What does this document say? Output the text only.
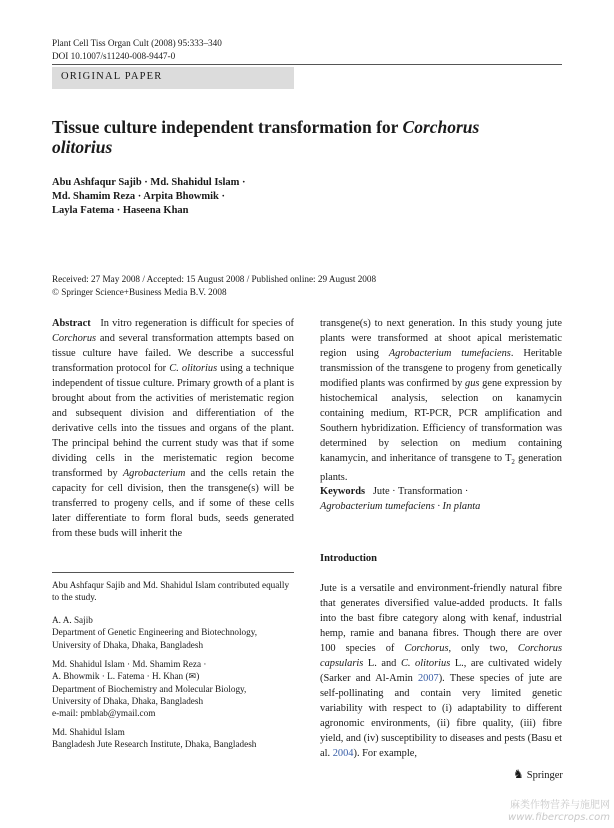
Plant Cell Tiss Organ Cult (2008) 95:333–340
DOI 10.1007/s11240-008-9447-0
ORIGINAL PAPER
Tissue culture independent transformation for Corchorus
olitorius
Abu Ashfaqur Sajib · Md. Shahidul Islam ·
Md. Shamim Reza · Arpita Bhowmik ·
Layla Fatema · Haseena Khan
Received: 27 May 2008 / Accepted: 15 August 2008 / Published online: 29 August 2008
© Springer Science+Business Media B.V. 2008

Abstract In vitro regeneration is difficult for species of Corchorus and several transformation attempts based on tissue culture have failed. We describe a successful transformation protocol for C. olitorius using a technique independent of tissue culture. Primary growth of a plant is brought about from the activities of meristematic region and subsequent division and differentiation of the derivative cells into the tissues and organs of the plant. The principal behind the current study was that if some dividing cells in the meristematic region become transformed by Agrobacterium and the cells retain the capacity for cell division, then the transgene(s) will be transferred to progeny cells, and if some of these cells later differentiate to form floral buds, seeds generated from these buds will inherit the

transgene(s) to next generation. In this study young jute plants were transformed at shoot apical meristematic region using Agrobacterium tumefaciens. Heritable transmission of the transgene to progeny from genetically modified plants was confirmed by gus gene expression by histochemical analysis, selection on kanamycin containing medium, RT-PCR, PCR amplification and Southern hybridization. Efficiency of transformation was determined by selection on medium containing kanamycin, and inheritance of transgene to $T_2$ generation plants.

Keywords Jute · Transformation ·
Agrobacterium tumefaciens · In planta
Introduction

Jute is a versatile and environment-friendly natural fibre that generates diversified value-added products. It falls into the bast fibre category along with kenaf, industrial hemp, ramie and banana fibres. Though there are over 100 species of Corchorus, only two, Corchorus capsularis L. and C. olitorius L., are cultivated widely (Sarker and Al-Amin 2007). These species of jute are self-pollinating and contain very limited genetic variability with respect to (i) adaptability to different agronomic environments, (ii) fibre quality, (iii) fibre yield, and (iv) susceptibility to diseases and pests (Basu et al. 2004). For example,

Abu Ashfaqur Sajib and Md. Shahidul Islam contributed equally to the study.

A. A. Sajib

Department of Genetic Engineering and Biotechnology,

University of Dhaka, Dhaka, Bangladesh

Md. Shahidul Islam · Md. Shamim Reza ·

A. Bhowmik · L. Fatema · H. Khan (✉)

Department of Biochemistry and Molecular Biology,

University of Dhaka, Dhaka, Bangladesh

e-mail: pmblab@ymail.com

Md. Shahidul Islam

Bangladesh Jute Research Institute, Dhaka, Bangladesh

♞ Springer
麻类作物营养与施肥网
www.fibercrops.com
